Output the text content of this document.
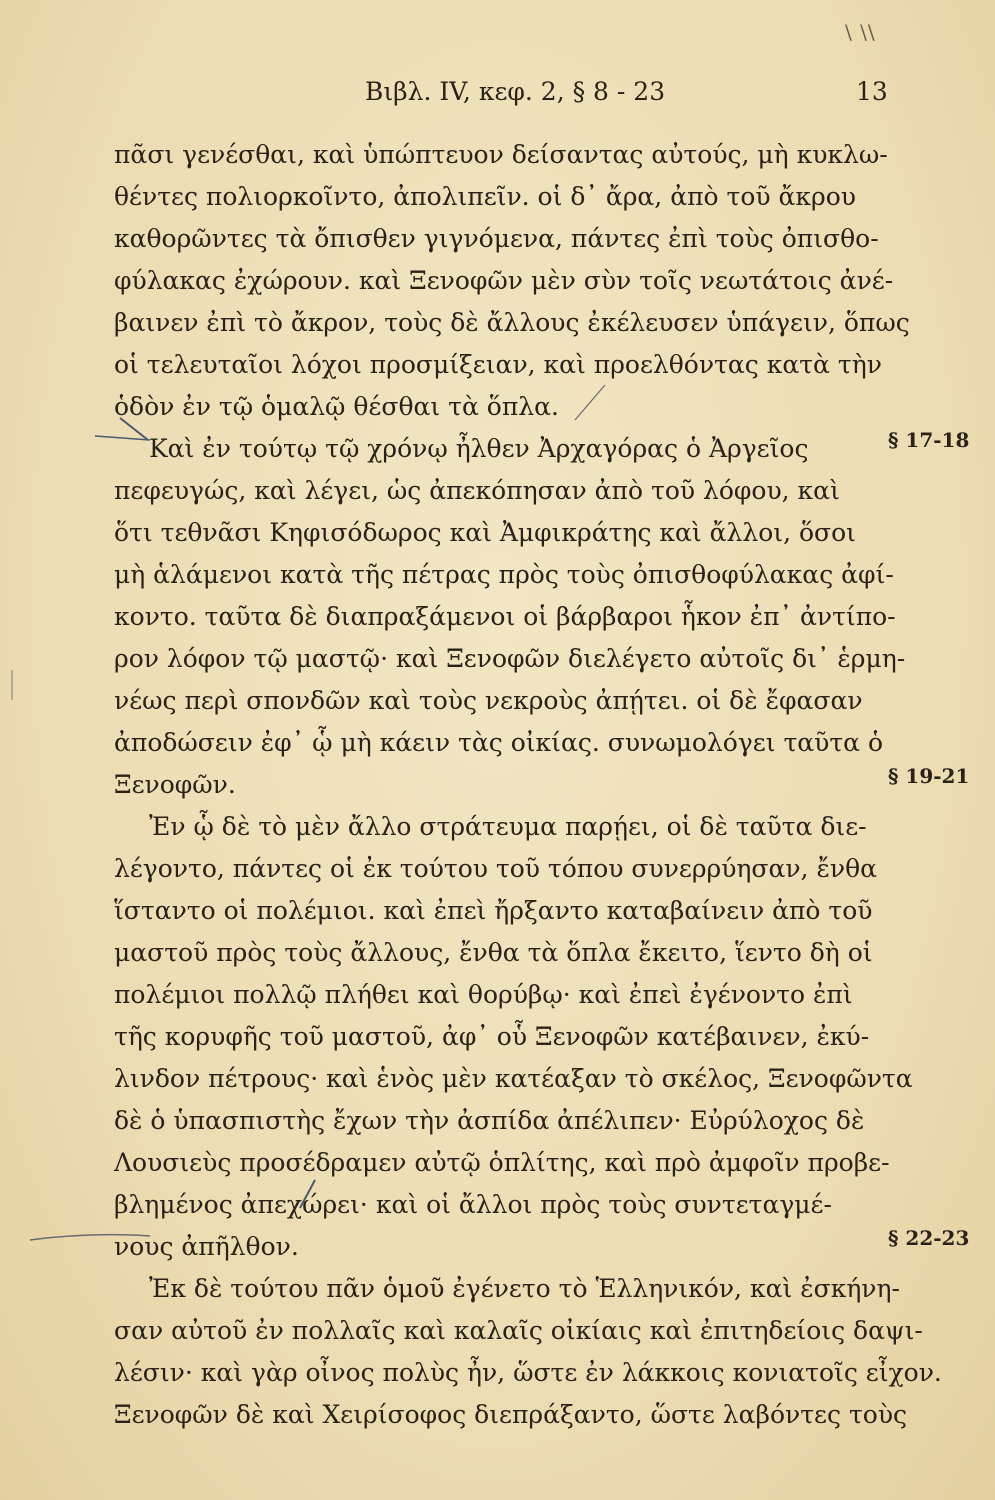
\ \\
Βιβλ. IV, κεφ. 2, § 8 - 23	13
πᾶσι γενέσθαι, καὶ ὑπώπτευον δείσαντας αὐτούς, μὴ κυκλω-
θέντες πολιορκοῖντο, ἀπολιπεῖν. οἱ δ᾽ ἄρα, ἀπὸ τοῦ ἄκρου
καθορῶντες τὰ ὄπισθεν γιγνόμενα, πάντες ἐπὶ τοὺς ὀπισθο-
φύλακας ἐχώρουν. καὶ Ξενοφῶν μὲν σὺν τοῖς νεωτάτοις ἀνέ-
βαινεν ἐπὶ τὸ ἄκρον, τοὺς δὲ ἄλλους ἐκέλευσεν ὑπάγειν, ὅπως
οἱ τελευταῖοι λόχοι προσμίξειαν, καὶ προελθόντας κατὰ τὴν
ὁδὸν ἐν τῷ ὁμαλῷ θέσθαι τὰ ὅπλα.
Καὶ ἐν τούτῳ τῷ χρόνῳ ἦλθεν Ἀρχαγόρας ὁ Ἀργεῖος
πεφευγώς, καὶ λέγει, ὡς ἀπεκόπησαν ἀπὸ τοῦ λόφου, καὶ
ὅτι τεθνᾶσι Κηφισόδωρος καὶ Ἀμφικράτης καὶ ἄλλοι, ὅσοι
μὴ ἁλάμενοι κατὰ τῆς πέτρας πρὸς τοὺς ὀπισθοφύλακας ἀφί-
κοντο. ταῦτα δὲ διαπραξάμενοι οἱ βάρβαροι ἧκον ἐπ᾽ ἀντίπο-
ρον λόφον τῷ μαστῷ· καὶ Ξενοφῶν διελέγετο αὐτοῖς δι᾽ ἑρμη-
νέως περὶ σπονδῶν καὶ τοὺς νεκροὺς ἀπῄτει. οἱ δὲ ἔφασαν
ἀποδώσειν ἐφ᾽ ᾧ μὴ κάειν τὰς οἰκίας. συνωμολόγει ταῦτα ὁ
Ξενοφῶν.
Ἐν ᾧ δὲ τὸ μὲν ἄλλο στράτευμα παρῄει, οἱ δὲ ταῦτα διε-
λέγοντο, πάντες οἱ ἐκ τούτου τοῦ τόπου συνερρύησαν, ἔνθα
ἵσταντο οἱ πολέμιοι. καὶ ἐπεὶ ἤρξαντο καταβαίνειν ἀπὸ τοῦ
μαστοῦ πρὸς τοὺς ἄλλους, ἔνθα τὰ ὅπλα ἔκειτο, ἵεντο δὴ οἱ
πολέμιοι πολλῷ πλήθει καὶ θορύβῳ· καὶ ἐπεὶ ἐγένοντο ἐπὶ
τῆς κορυφῆς τοῦ μαστοῦ, ἀφ᾽ οὗ Ξενοφῶν κατέβαινεν, ἐκύ-
λινδον πέτρους· καὶ ἑνὸς μὲν κατέαξαν τὸ σκέλος, Ξενοφῶντα
δὲ ὁ ὑπασπιστὴς ἔχων τὴν ἀσπίδα ἀπέλιπεν· Εὐρύλοχος δὲ
Λουσιεὺς προσέδραμεν αὐτῷ ὁπλίτης, καὶ πρὸ ἀμφοῖν προβε-
βλημένος ἀπεχώρει· καὶ οἱ ἄλλοι πρὸς τοὺς συντεταγμέ-
νους ἀπῆλθον.
Ἐκ δὲ τούτου πᾶν ὁμοῦ ἐγένετο τὸ Ἑλληνικόν, καὶ ἐσκήνη-
σαν αὐτοῦ ἐν πολλαῖς καὶ καλαῖς οἰκίαις καὶ ἐπιτηδείοις δαψι-
λέσιν· καὶ γὰρ οἶνος πολὺς ἦν, ὥστε ἐν λάκκοις κονιατοῖς εἶχον.
Ξενοφῶν δὲ καὶ Χειρίσοφος διεπράξαντο, ὥστε λαβόντες τοὺς
§ 17-18
§ 19-21
§ 22-23
